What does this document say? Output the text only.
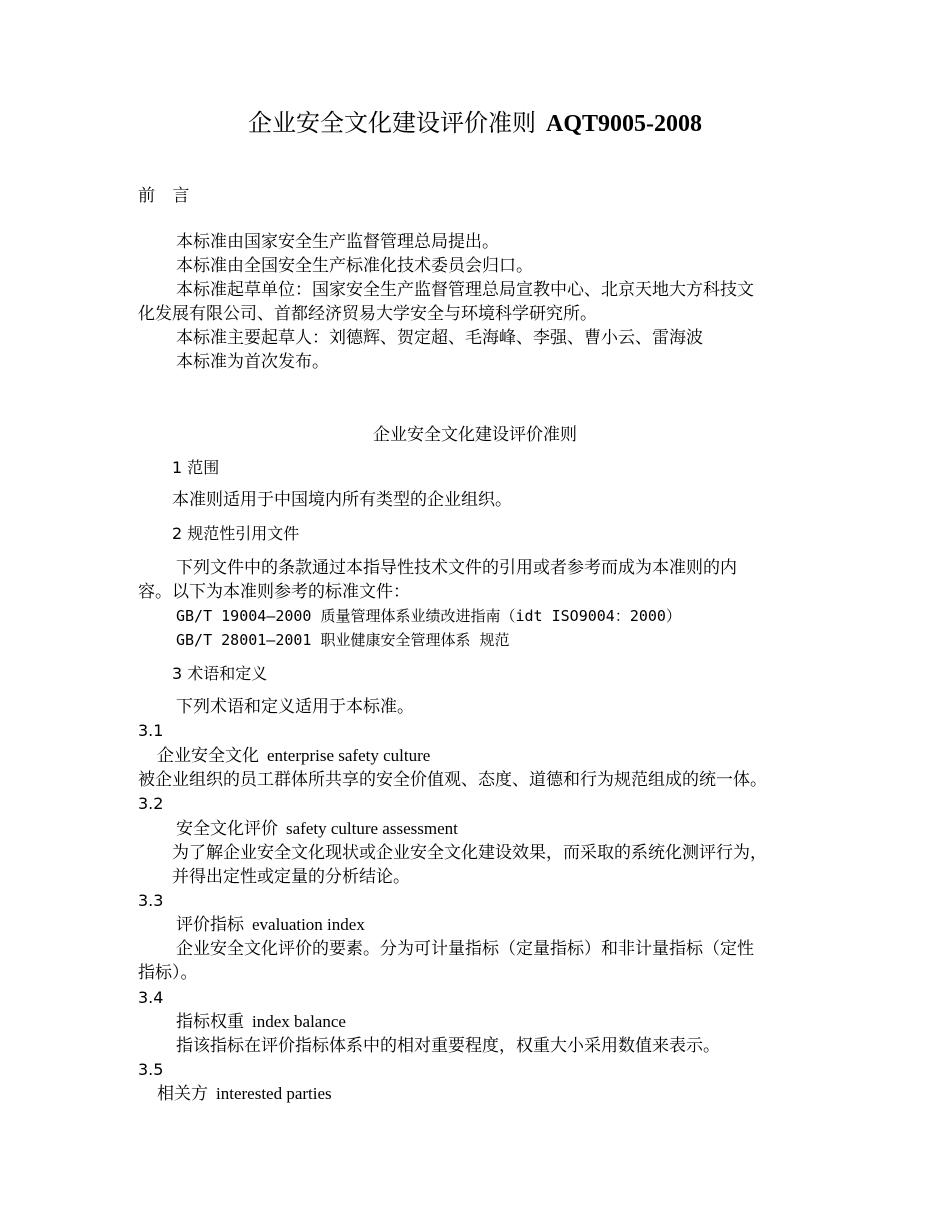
企业安全文化建设评价准则 AQT9005-2008
前 言
本标准由国家安全生产监督管理总局提出。
本标准由全国安全生产标准化技术委员会归口。
本标准起草单位：国家安全生产监督管理总局宣教中心、北京天地大方科技文
化发展有限公司、首都经济贸易大学安全与环境科学研究所。
本标准主要起草人：刘德辉、贺定超、毛海峰、李强、曹小云、雷海波
本标准为首次发布。
企业安全文化建设评价准则
1 范围
本准则适用于中国境内所有类型的企业组织。
2 规范性引用文件
下列文件中的条款通过本指导性技术文件的引用或者参考而成为本准则的内
容。以下为本准则参考的标准文件：
GB/T 19004—2000 质量管理体系业绩改进指南（idt ISO9004：2000）
GB/T 28001—2001 职业健康安全管理体系 规范
3 术语和定义
下列术语和定义适用于本标准。
3.1
企业安全文化 enterprise safety culture
被企业组织的员工群体所共享的安全价值观、态度、道德和行为规范组成的统一体。
3.2
安全文化评价 safety culture assessment
为了解企业安全文化现状或企业安全文化建设效果，而采取的系统化测评行为，
并得出定性或定量的分析结论。
3.3
评价指标 evaluation index
企业安全文化评价的要素。分为可计量指标（定量指标）和非计量指标（定性
指标）。
3.4
指标权重 index balance
指该指标在评价指标体系中的相对重要程度，权重大小采用数值来表示。
3.5
相关方 interested parties
